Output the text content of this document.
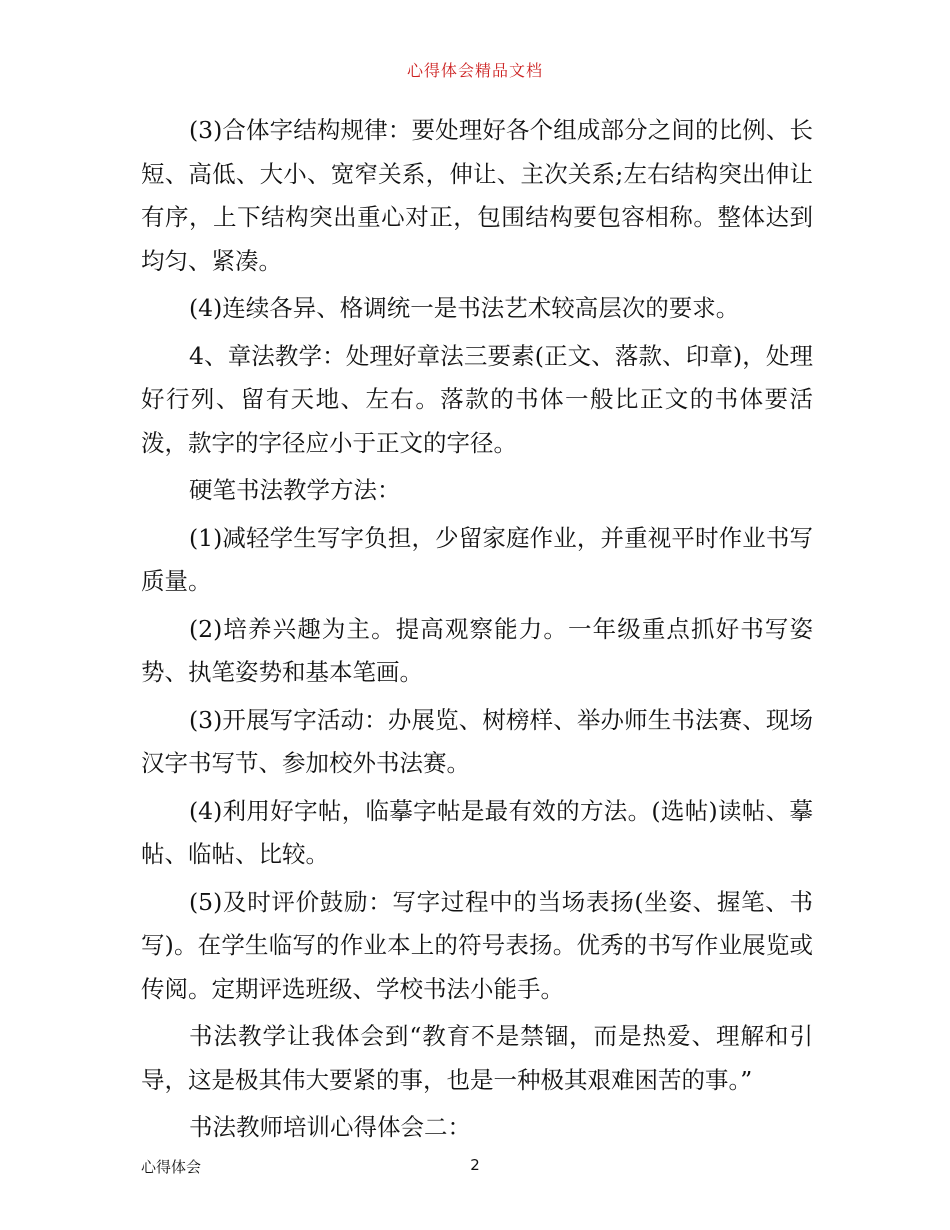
心得体会精品文档

(3)合体字结构规律：要处理好各个组成部分之间的比例、长短、高低、大小、宽窄关系，伸让、主次关系;左右结构突出伸让有序，上下结构突出重心对正，包围结构要包容相称。整体达到均匀、紧凑。

(4)连续各异、格调统一是书法艺术较高层次的要求。

4、章法教学：处理好章法三要素(正文、落款、印章)，处理好行列、留有天地、左右。落款的书体一般比正文的书体要活泼，款字的字径应小于正文的字径。

硬笔书法教学方法：

(1)减轻学生写字负担，少留家庭作业，并重视平时作业书写质量。

(2)培养兴趣为主。提高观察能力。一年级重点抓好书写姿势、执笔姿势和基本笔画。

(3)开展写字活动：办展览、树榜样、举办师生书法赛、现场汉字书写节、参加校外书法赛。

(4)利用好字帖，临摹字帖是最有效的方法。(选帖)读帖、摹帖、临帖、比较。

(5)及时评价鼓励：写字过程中的当场表扬(坐姿、握笔、书写)。在学生临写的作业本上的符号表扬。优秀的书写作业展览或传阅。定期评选班级、学校书法小能手。

书法教学让我体会到“教育不是禁锢，而是热爱、理解和引导，这是极其伟大要紧的事，也是一种极其艰难困苦的事。”

书法教师培训心得体会二：

心得体会	2
